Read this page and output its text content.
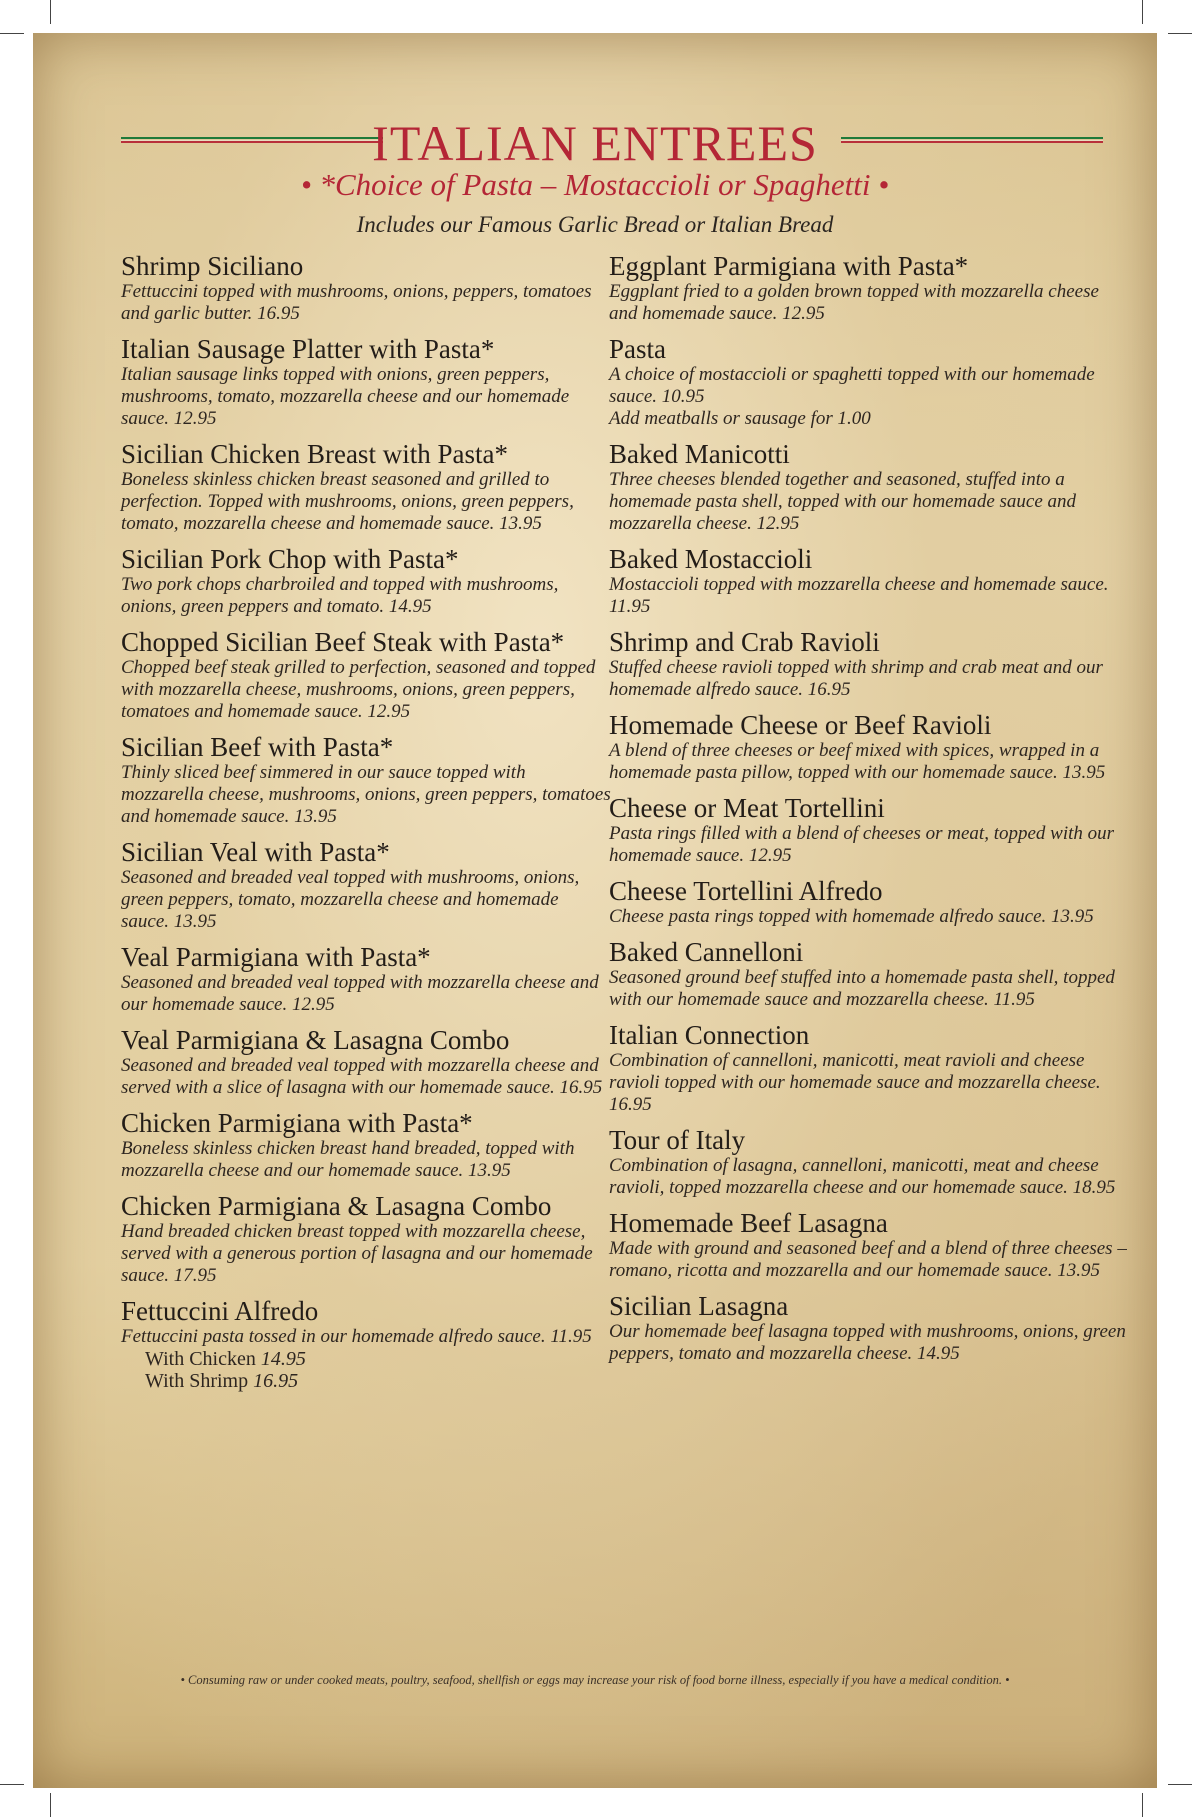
ITALIAN ENTREES
• *Choice of Pasta – Mostaccioli or Spaghetti •
Includes our Famous Garlic Bread or Italian Bread
Shrimp Siciliano
Fettuccini topped with mushrooms, onions, peppers, tomatoes and garlic butter. 16.95
Italian Sausage Platter with Pasta*
Italian sausage links topped with onions, green peppers, mushrooms, tomato, mozzarella cheese and our homemade sauce. 12.95
Sicilian Chicken Breast with Pasta*
Boneless skinless chicken breast seasoned and grilled to perfection. Topped with mushrooms, onions, green peppers, tomato, mozzarella cheese and homemade sauce. 13.95
Sicilian Pork Chop with Pasta*
Two pork chops charbroiled and topped with mushrooms, onions, green peppers and tomato. 14.95
Chopped Sicilian Beef Steak with Pasta*
Chopped beef steak grilled to perfection, seasoned and topped with mozzarella cheese, mushrooms, onions, green peppers, tomatoes and homemade sauce. 12.95
Sicilian Beef with Pasta*
Thinly sliced beef simmered in our sauce topped with mozzarella cheese, mushrooms, onions, green peppers, tomatoes and homemade sauce. 13.95
Sicilian Veal with Pasta*
Seasoned and breaded veal topped with mushrooms, onions, green peppers, tomato, mozzarella cheese and homemade sauce. 13.95
Veal Parmigiana with Pasta*
Seasoned and breaded veal topped with mozzarella cheese and our homemade sauce. 12.95
Veal Parmigiana & Lasagna Combo
Seasoned and breaded veal topped with mozzarella cheese and served with a slice of lasagna with our homemade sauce. 16.95
Chicken Parmigiana with Pasta*
Boneless skinless chicken breast hand breaded, topped with mozzarella cheese and our homemade sauce. 13.95
Chicken Parmigiana & Lasagna Combo
Hand breaded chicken breast topped with mozzarella cheese, served with a generous portion of lasagna and our homemade sauce. 17.95
Fettuccini Alfredo
Fettuccini pasta tossed in our homemade alfredo sauce. 11.95
With Chicken 14.95
With Shrimp 16.95
Eggplant Parmigiana with Pasta*
Eggplant fried to a golden brown topped with mozzarella cheese and homemade sauce. 12.95
Pasta
A choice of mostaccioli or spaghetti topped with our homemade sauce. 10.95
Add meatballs or sausage for 1.00
Baked Manicotti
Three cheeses blended together and seasoned, stuffed into a homemade pasta shell, topped with our homemade sauce and mozzarella cheese. 12.95
Baked Mostaccioli
Mostaccioli topped with mozzarella cheese and homemade sauce. 11.95
Shrimp and Crab Ravioli
Stuffed cheese ravioli topped with shrimp and crab meat and our homemade alfredo sauce. 16.95
Homemade Cheese or Beef Ravioli
A blend of three cheeses or beef mixed with spices, wrapped in a homemade pasta pillow, topped with our homemade sauce. 13.95
Cheese or Meat Tortellini
Pasta rings filled with a blend of cheeses or meat, topped with our homemade sauce. 12.95
Cheese Tortellini Alfredo
Cheese pasta rings topped with homemade alfredo sauce. 13.95
Baked Cannelloni
Seasoned ground beef stuffed into a homemade pasta shell, topped with our homemade sauce and mozzarella cheese. 11.95
Italian Connection
Combination of cannelloni, manicotti, meat ravioli and cheese ravioli topped with our homemade sauce and mozzarella cheese. 16.95
Tour of Italy
Combination of lasagna, cannelloni, manicotti, meat and cheese ravioli, topped mozzarella cheese and our homemade sauce. 18.95
Homemade Beef Lasagna
Made with ground and seasoned beef and a blend of three cheeses – romano, ricotta and mozzarella and our homemade sauce. 13.95
Sicilian Lasagna
Our homemade beef lasagna topped with mushrooms, onions, green peppers, tomato and mozzarella cheese. 14.95
• Consuming raw or under cooked meats, poultry, seafood, shellfish or eggs may increase your risk of food borne illness, especially if you have a medical condition. •
